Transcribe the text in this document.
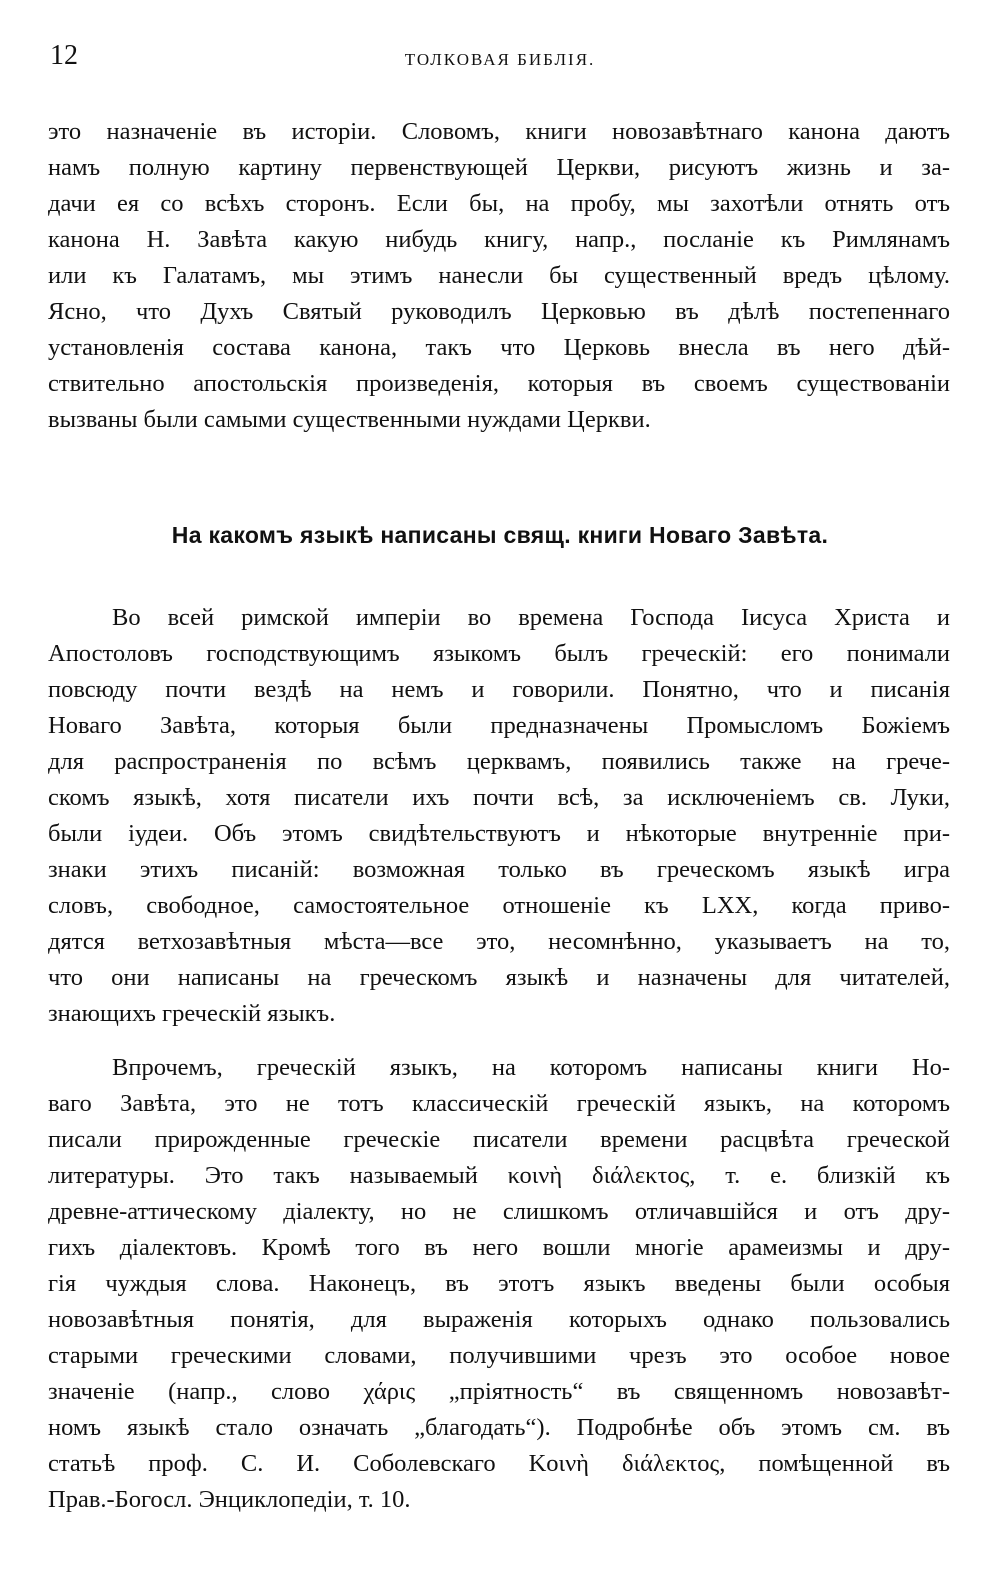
12	ТОЛКОВАЯ БИБЛІЯ.
это назначеніе въ исторіи. Словомъ, книги новозавѣтнаго канона даютъ
намъ полную картину первенствующей Церкви, рисуютъ жизнь и за-
дачи ея со всѣхъ сторонъ. Если бы, на пробу, мы захотѣли отнять отъ
канона Н. Завѣта какую нибудь книгу, напр., посланіе къ Римлянамъ
или къ Галатамъ, мы этимъ нанесли бы существенный вредъ цѣлому.
Ясно, что Духъ Святый руководилъ Церковью въ дѣлѣ постепеннаго
установленія состава канона, такъ что Церковь внесла въ него дѣй-
ствительно апостольскія произведенія, которыя въ своемъ существованіи
вызваны были самыми существенными нуждами Церкви.
На какомъ языкѣ написаны свящ. книги Новаго Завѣта.
Во всей римской имперіи во времена Господа Іисуса Христа и
Апостоловъ господствующимъ языкомъ былъ греческій: его понимали
повсюду почти вездѣ на немъ и говорили. Понятно, что и писанія
Новаго Завѣта, которыя были предназначены Промысломъ Божіемъ
для распространенія по всѣмъ церквамъ, появились также на грече-
скомъ языкѣ, хотя писатели ихъ почти всѣ, за исключеніемъ св. Луки,
были іудеи. Объ этомъ свидѣтельствуютъ и нѣкоторые внутренніе при-
знаки этихъ писаній: возможная только въ греческомъ языкѣ игра
словъ, свободное, самостоятельное отношеніе къ LXX, когда приво-
дятся ветхозавѣтныя мѣста—все это, несомнѣнно, указываетъ на то,
что они написаны на греческомъ языкѣ и назначены для читателей,
знающихъ греческій языкъ.
Впрочемъ, греческій языкъ, на которомъ написаны книги Но-
ваго Завѣта, это не тотъ классическій греческій языкъ, на которомъ
писали прирожденные греческіе писатели времени расцвѣта греческой
литературы. Это такъ называемый κοινὴ διάλεκτος, т. е. близкій къ
древне-аттическому діалекту, но не слишкомъ отличавшійся и отъ дру-
гихъ діалектовъ. Кромѣ того въ него вошли многіе арамеизмы и дру-
гія чуждыя слова. Наконецъ, въ этотъ языкъ введены были особыя
новозавѣтныя понятія, для выраженія которыхъ однако пользовались
старыми греческими словами, получившими чрезъ это особое новое
значеніе (напр., слово χάρις „пріятность“ въ священномъ новозавѣт-
номъ языкѣ стало означать „благодать“). Подробнѣе объ этомъ см. въ
статьѣ проф. С. И. Соболевскаго Κοινὴ διάλεκτος, помѣщенной въ
Прав.-Богосл. Энциклопедіи, т. 10.
